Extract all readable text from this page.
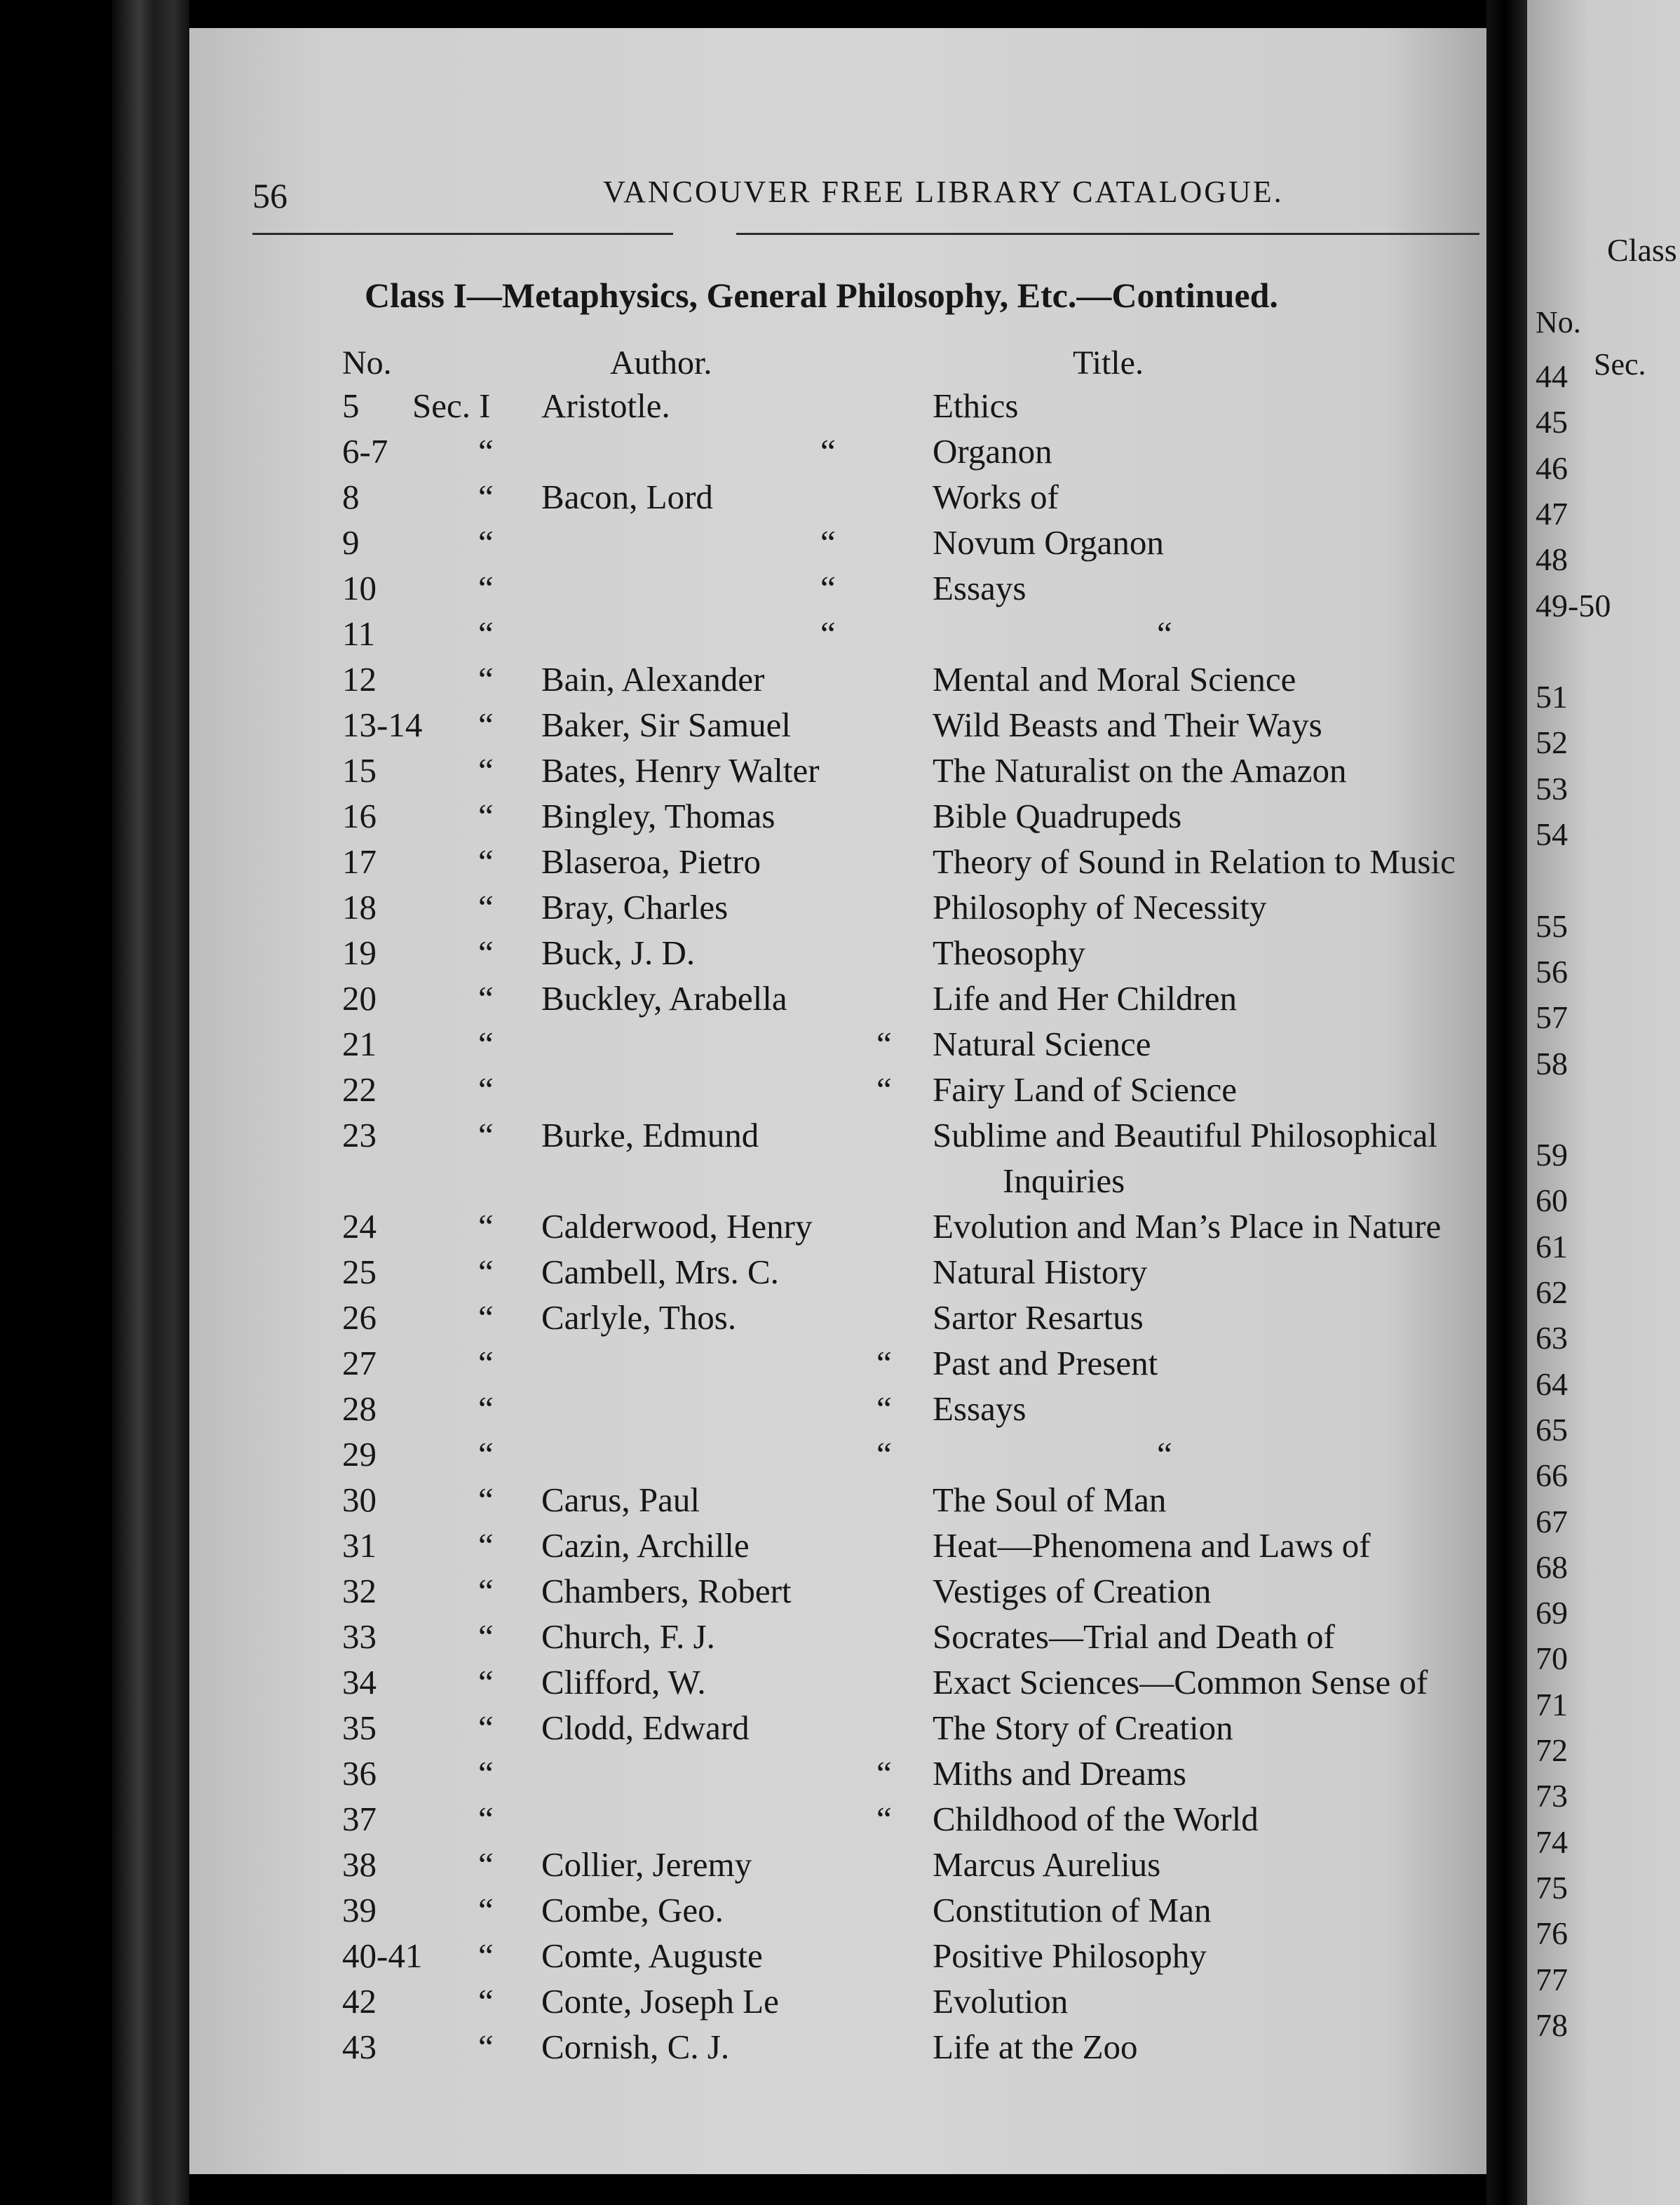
56	VANCOUVER FREE LIBRARY CATALOGUE.
Class I—Metaphysics, General Philosophy, Etc.—Continued.
No.	Author.	Title.
5 Sec. I Aristotle.	Ethics
6-7	“	“	Organon
8	“ Bacon, Lord	Works of
9	“	“	Novum Organon
10	“	“	Essays
11	“	“	“
12	“ Bain, Alexander	Mental and Moral Science
13-14 “ Baker, Sir Samuel	Wild Beasts and Their Ways
15	“ Bates, Henry Walter	The Naturalist on the Amazon
16	“ Bingley, Thomas	Bible Quadrupeds
17	“ Blaseroa, Pietro	Theory of Sound in Relation to Music
18	“ Bray, Charles	Philosophy of Necessity
19	“ Buck, J. D.	Theosophy
20	“ Buckley, Arabella	Life and Her Children
21	“	“ Natural Science
22	“	“ Fairy Land of Science
23	“ Burke, Edmund	Sublime and Beautiful Philosophical
Inquiries
24	“ Calderwood, Henry	Evolution and Man’s Place in Nature
25	“ Cambell, Mrs. C.	Natural History
26	“ Carlyle, Thos.	Sartor Resartus
27	“	“ Past and Present
28	“	“ Essays
29	“	“	“
30	“ Carus, Paul	The Soul of Man
31	“ Cazin, Archille	Heat—Phenomena and Laws of
32	“ Chambers, Robert	Vestiges of Creation
33	“ Church, F. J.	Socrates—Trial and Death of
34	“ Clifford, W.	Exact Sciences—Common Sense of
35	“ Clodd, Edward	The Story of Creation
36	“	“ Miths and Dreams
37	“	“ Childhood of the World
38	“ Collier, Jeremy	Marcus Aurelius
39	“ Combe, Geo.	Constitution of Man
40-41 “ Comte, Auguste	Positive Philosophy
42	“ Conte, Joseph Le	Evolution
43	“ Cornish, C. J.	Life at the Zoo
Class
No.
Sec.
44
45
46
47
48
49-50
51
52
53
54
55
56
57
58
59
60
61
62
63
64
65
66
67
68
69
70
71
72
73
74
75
76
77
78
